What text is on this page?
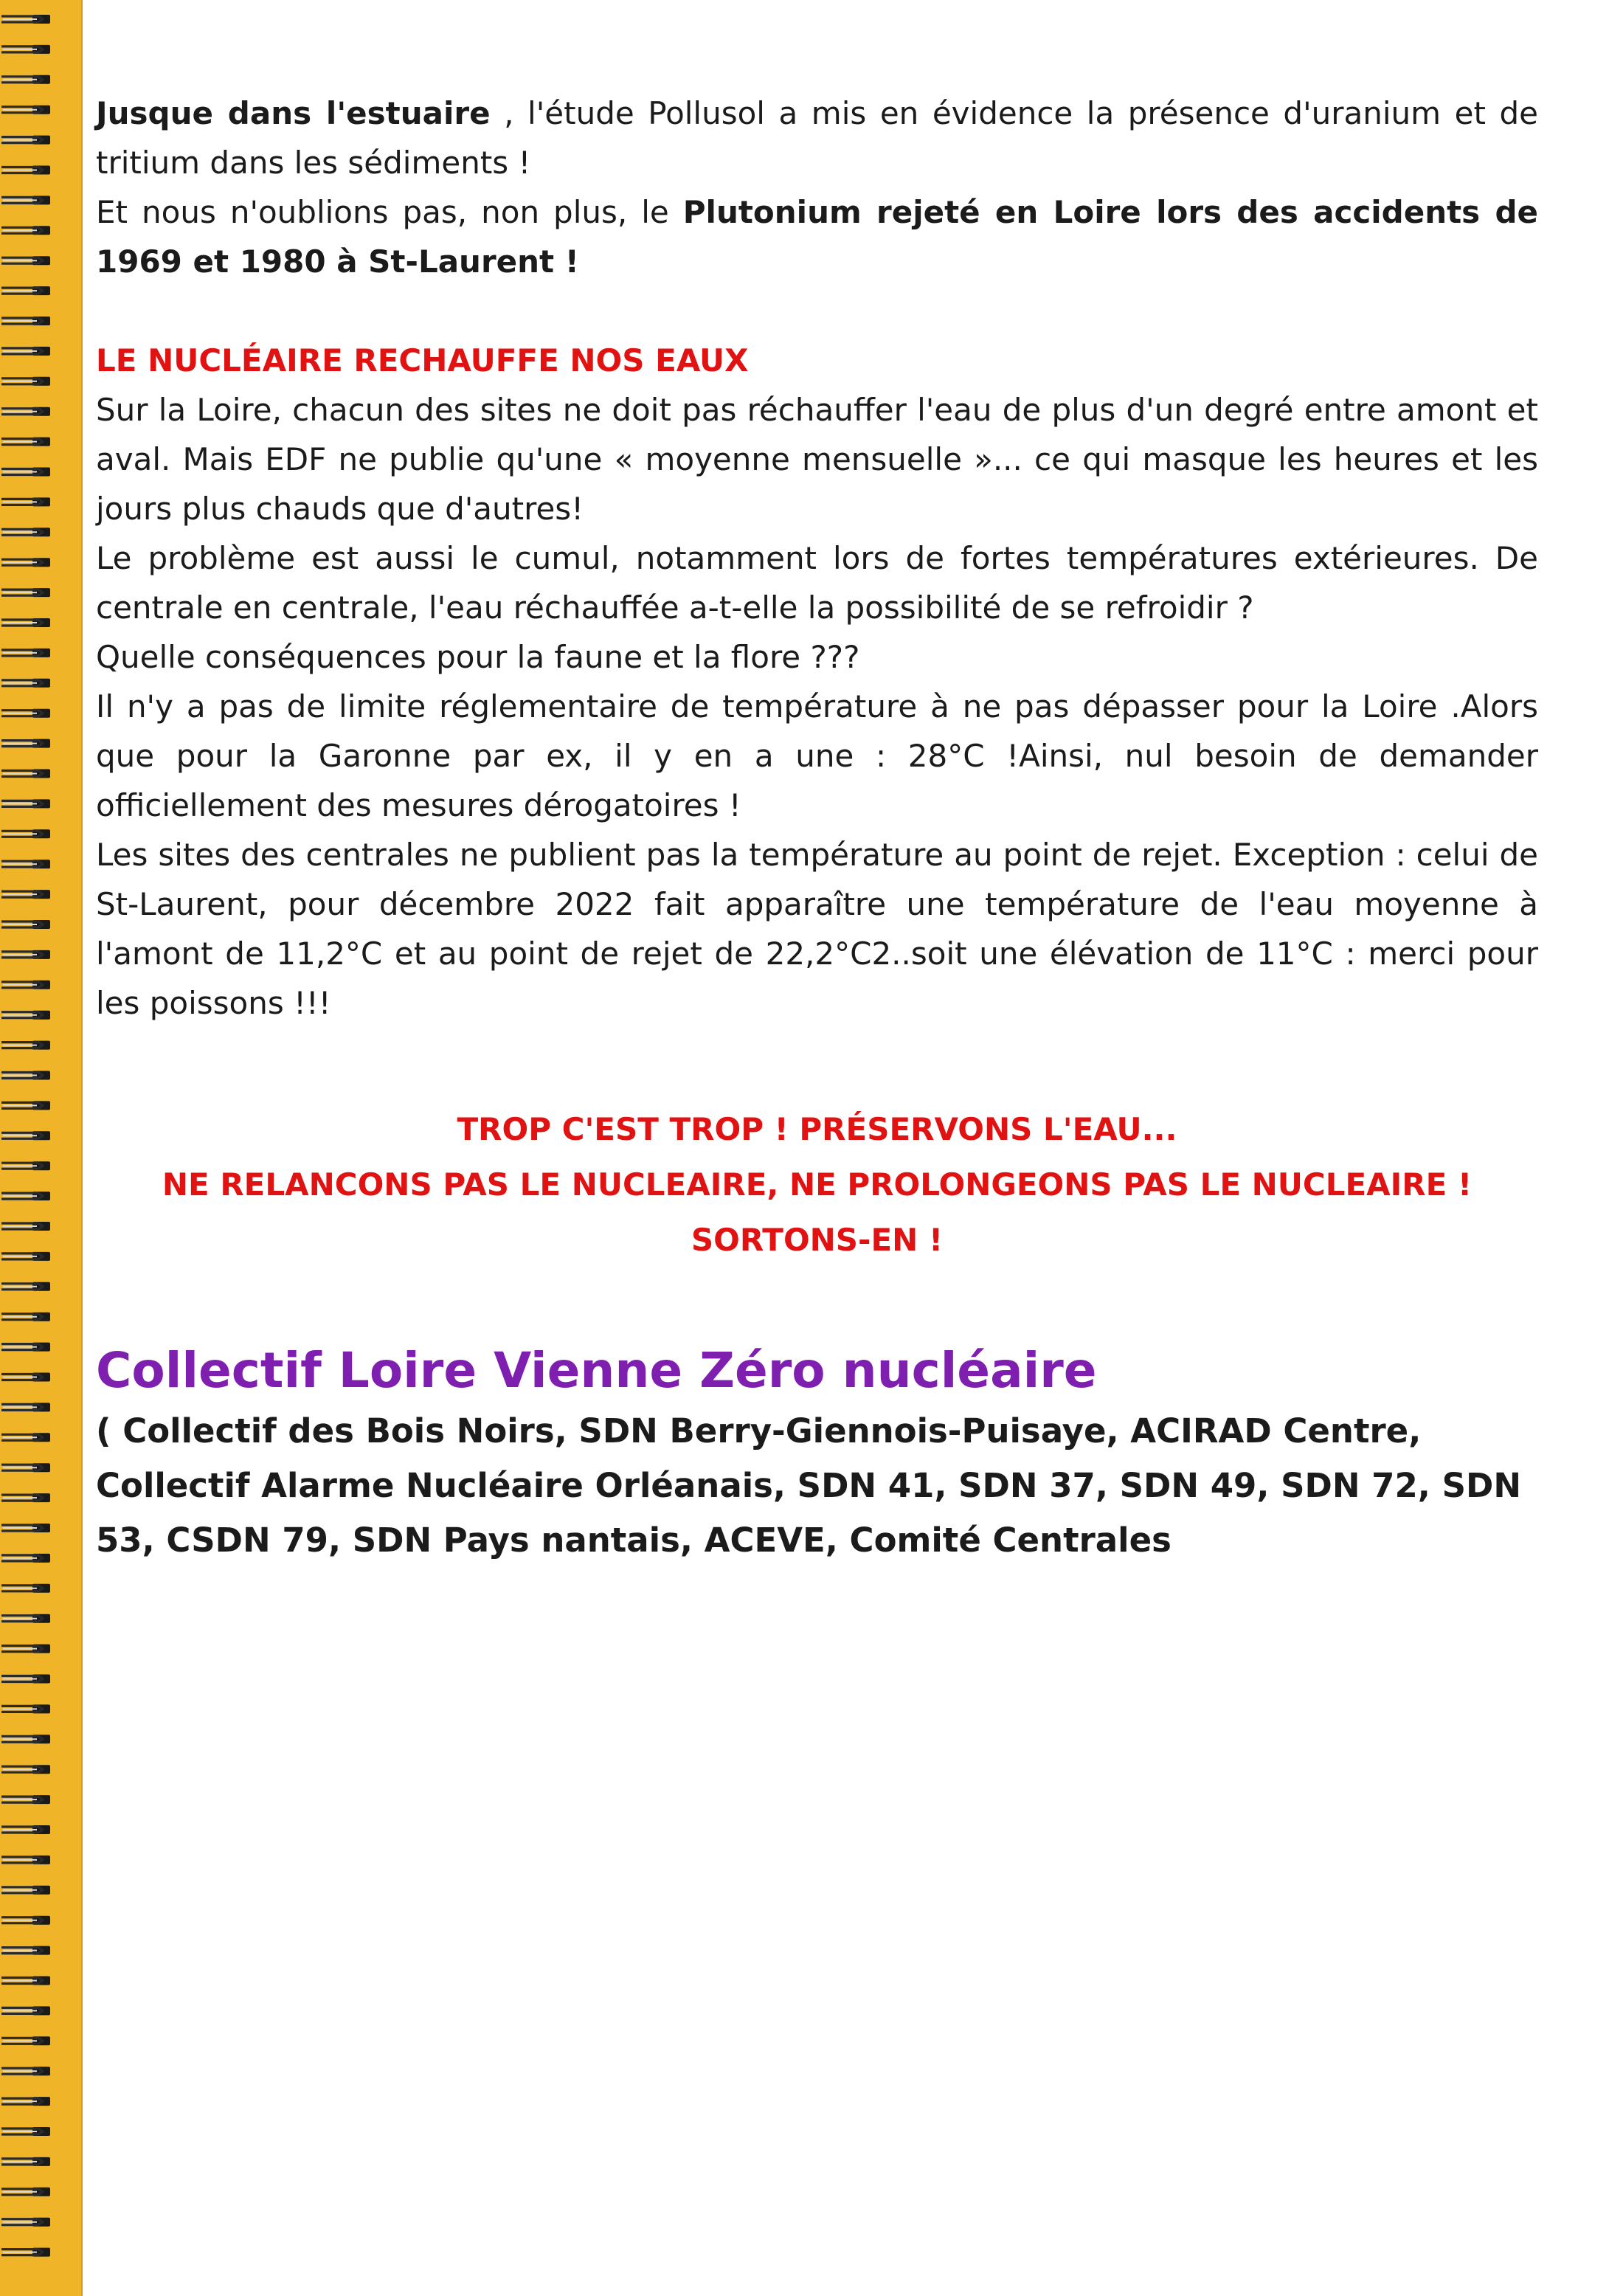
Jusque dans l'estuaire , l'étude Pollusol a mis en évidence la présence d'uranium et de tritium dans les sédiments !

Et nous n'oublions pas, non plus, le Plutonium rejeté en Loire lors des accidents de 1969 et 1980 à St-Laurent !

LE NUCLÉAIRE RECHAUFFE NOS EAUX

Sur la Loire, chacun des sites ne doit pas réchauffer l'eau de plus d'un degré entre amont et aval. Mais EDF ne publie qu'une « moyenne mensuelle »... ce qui masque les heures et les jours plus chauds que d'autres!

Le problème est aussi le cumul, notamment lors de fortes températures extérieures. De centrale en centrale, l'eau réchauffée a-t-elle la possibilité de se refroidir ?

Quelle conséquences pour la faune et la flore ???

Il n'y a pas de limite réglementaire de température à ne pas dépasser pour la Loire .Alors que pour la Garonne par ex, il y en a une : 28°C !Ainsi, nul besoin de demander officiellement des mesures dérogatoires !

Les sites des centrales ne publient pas la température au point de rejet. Exception : celui de St-Laurent, pour décembre 2022 fait apparaître une température de l'eau moyenne à l'amont de 11,2°C et au point de rejet de 22,2°C2..soit une élévation de 11°C : merci pour les poissons !!!

TROP C'EST TROP ! PRÉSERVONS L'EAU...

NE RELANCONS PAS LE NUCLEAIRE, NE PROLONGEONS PAS LE NUCLEAIRE ! SORTONS-EN !

Collectif Loire Vienne Zéro nucléaire

( Collectif des Bois Noirs, SDN Berry-Giennois-Puisaye, ACIRAD Centre, Collectif Alarme Nucléaire Orléanais, SDN 41, SDN 37, SDN 49, SDN 72, SDN 53, CSDN 79, SDN Pays nantais, ACEVE, Comité Centrales
